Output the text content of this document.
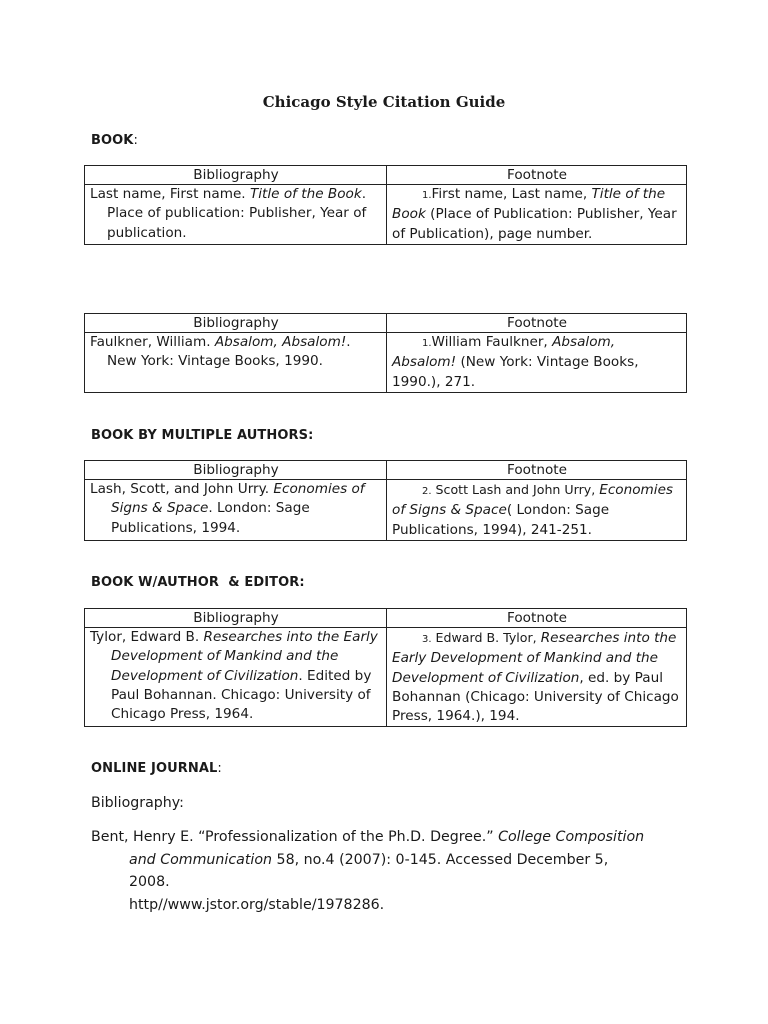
Chicago Style Citation Guide
BOOK:
Bibliography	Footnote

Last name, First name. Title of the Book. Place of publication: Publisher, Year of publication.	1.First name, Last name, Title of the Book (Place of Publication: Publisher, Year of Publication), page number.
Bibliography	Footnote

Faulkner, William. Absalom, Absalom!. New York: Vintage Books, 1990.	1.William Faulkner, Absalom, Absalom! (New York: Vintage Books, 1990.), 271.
BOOK BY MULTIPLE AUTHORS:
Bibliography	Footnote

Lash, Scott, and John Urry. Economies of Signs & Space. London: Sage Publications, 1994.	2. Scott Lash and John Urry, Economies of Signs & Space( London: Sage Publications, 1994), 241-251.
BOOK W/AUTHOR  & EDITOR:
Bibliography	Footnote

Tylor, Edward B. Researches into the Early Development of Mankind and the Development of Civilization. Edited by Paul Bohannan. Chicago: University of Chicago Press, 1964.	3. Edward B. Tylor, Researches into the Early Development of Mankind and the Development of Civilization, ed. by Paul Bohannan (Chicago: University of Chicago Press, 1964.), 194.
ONLINE JOURNAL:
Bibliography:
Bent, Henry E. “Professionalization of the Ph.D. Degree.” College Composition
and Communication 58, no.4 (2007): 0-145. Accessed December 5, 2008.
http//www.jstor.org/stable/1978286.
